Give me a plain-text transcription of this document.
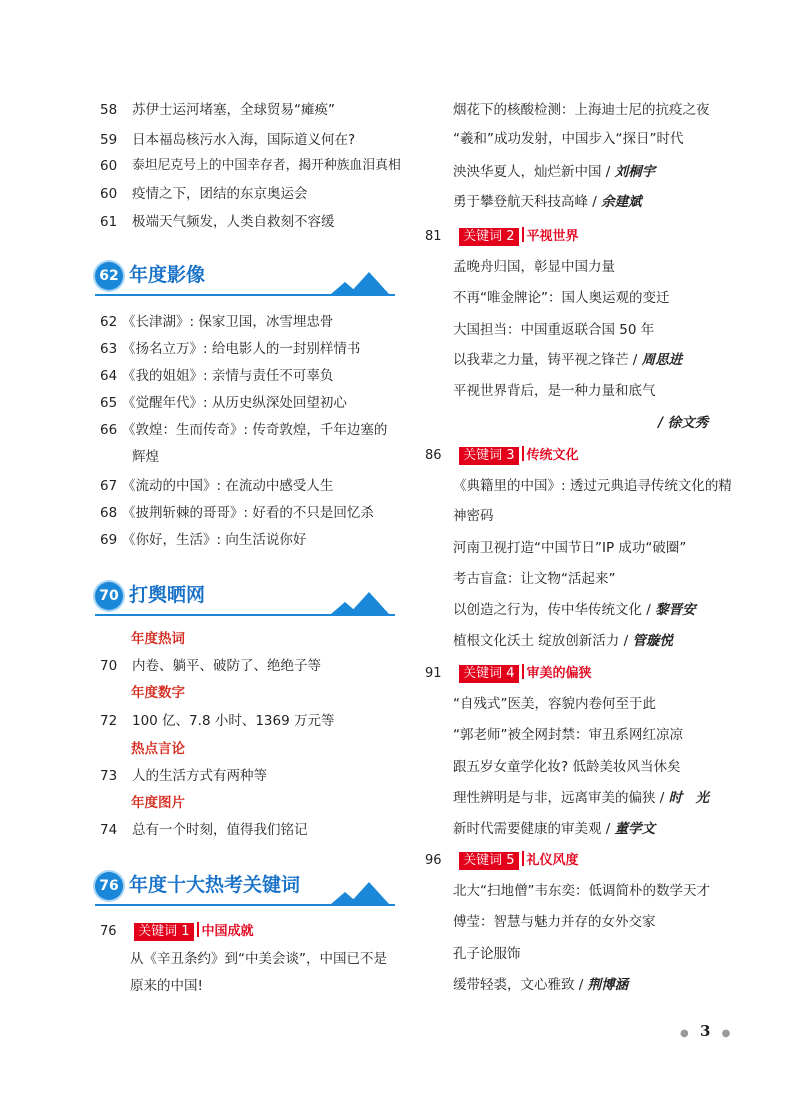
58	苏伊士运河堵塞，全球贸易“瘫痪”
59	日本福岛核污水入海，国际道义何在?
60	泰坦尼克号上的中国幸存者，揭开种族血泪真相
60	疫情之下，团结的东京奥运会
61	极端天气频发，人类自救刻不容缓
62 年度影像
62 《长津湖》: 保家卫国，冰雪埋忠骨
63 《扬名立万》: 给电影人的一封别样情书
64 《我的姐姐》: 亲情与责任不可辜负
65 《觉醒年代》: 从历史纵深处回望初心
66 《敦煌：生而传奇》: 传奇敦煌，千年边塞的
辉煌
67 《流动的中国》: 在流动中感受人生
68 《披荆斩棘的哥哥》: 好看的不只是回忆杀
69 《你好，生活》: 向生活说你好
70 打舆晒网
年度热词
70	内卷、躺平、破防了、绝绝子等
年度数字
72	100 亿、7.8 小时、1369 万元等
热点言论
73	人的生活方式有两种等
年度图片
74	总有一个时刻，值得我们铭记
76 年度十大热考关键词
76 关键词 1 中国成就
从《辛丑条约》到“中美会谈”，中国已不是
原来的中国!
烟花下的核酸检测：上海迪士尼的抗疫之夜
“羲和”成功发射，中国步入“探日”时代
泱泱华夏人，灿烂新中国 / 刘桐宇
勇于攀登航天科技高峰 / 余建斌
81 关键词 2 平视世界
孟晚舟归国，彰显中国力量
不再“唯金牌论”：国人奥运观的变迁
大国担当：中国重返联合国 50 年
以我辈之力量，铸平视之锋芒 / 周思进
平视世界背后，是一种力量和底气
/ 徐文秀
86 关键词 3 传统文化
《典籍里的中国》: 透过元典追寻传统文化的精
神密码
河南卫视打造“中国节日”IP 成功“破圈”
考古盲盒：让文物“活起来”
以创造之行为，传中华传统文化 / 黎晋安
植根文化沃土 绽放创新活力 / 管璇悦
91 关键词 4 审美的偏狭
“自残式”医美，容貌内卷何至于此
“郭老师”被全网封禁：审丑系网红凉凉
跟五岁女童学化妆? 低龄美妆风当休矣
理性辨明是与非，远离审美的偏狭 / 时　光
新时代需要健康的审美观 / 董学文
96 关键词 5 礼仪风度
北大“扫地僧”韦东奕：低调简朴的数学天才
傅莹：智慧与魅力并存的女外交家
孔子论服饰
缓带轻裘，文心雅致 / 荆博涵
● 3 ●
